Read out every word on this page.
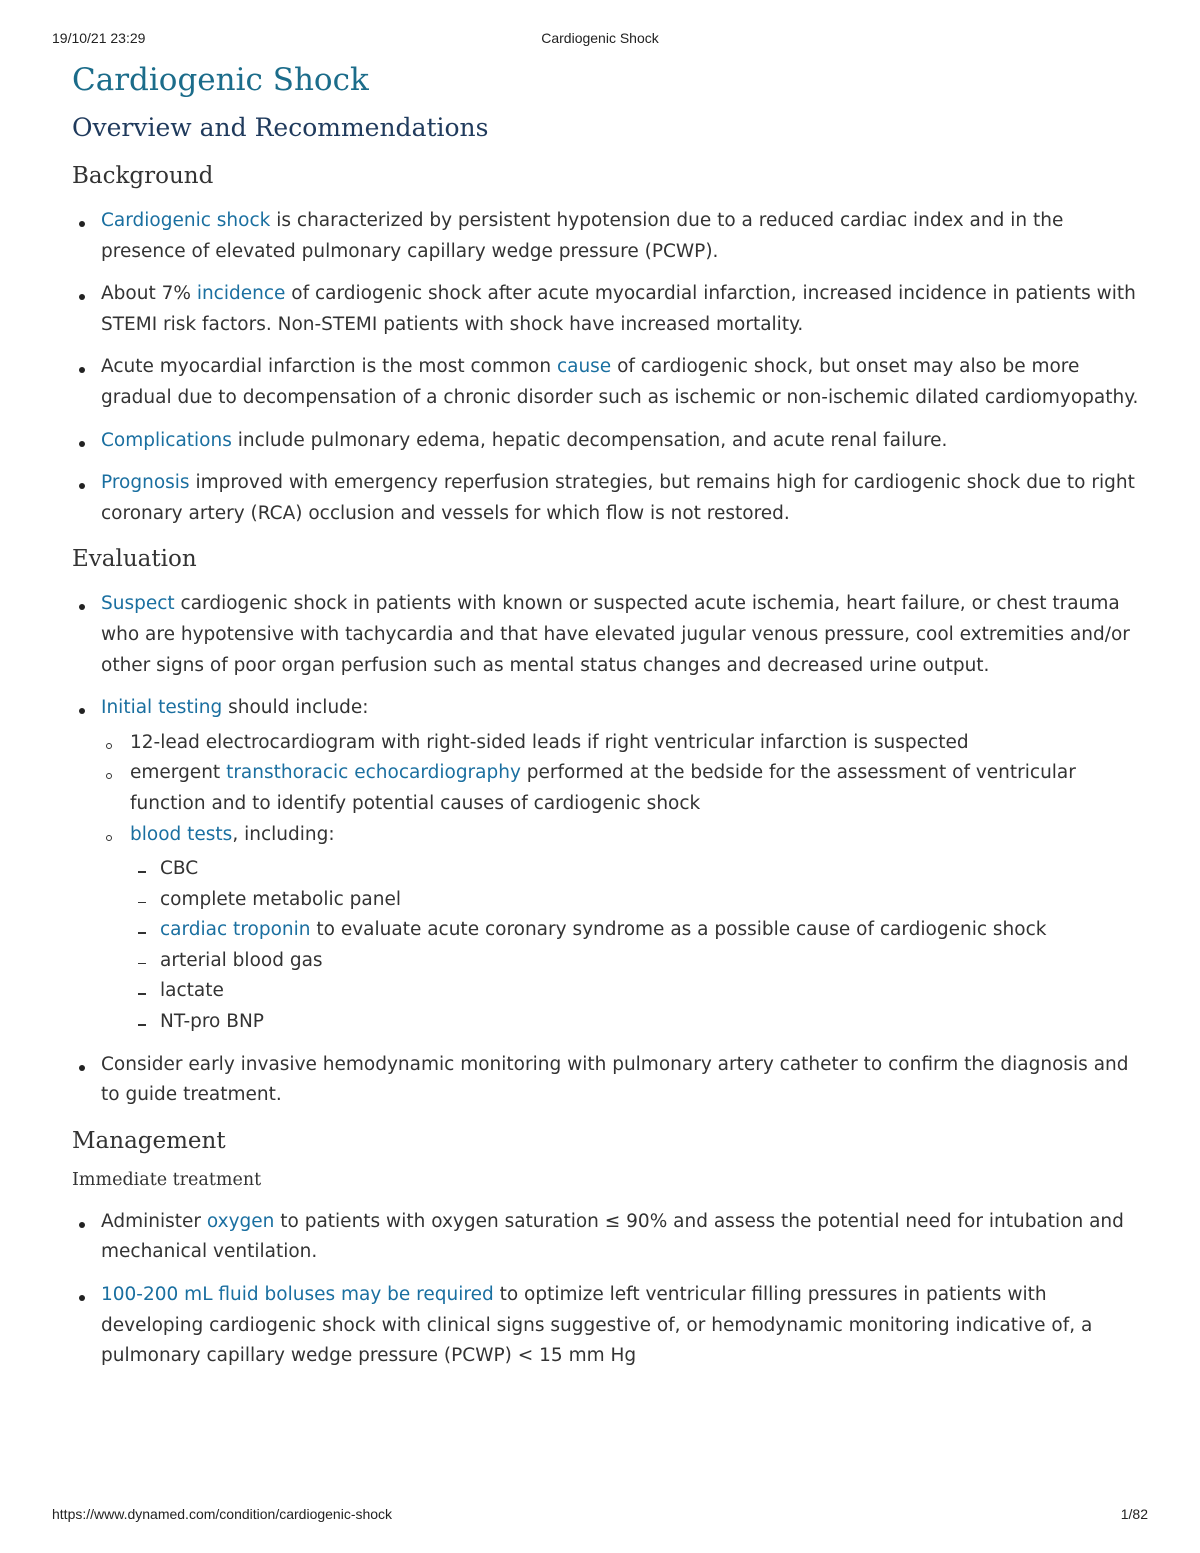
19/10/21 23:29	Cardiogenic Shock
Cardiogenic Shock
Overview and Recommendations
Background
Cardiogenic shock is characterized by persistent hypotension due to a reduced cardiac index and in the presence of elevated pulmonary capillary wedge pressure (PCWP).
About 7% incidence of cardiogenic shock after acute myocardial infarction, increased incidence in patients with STEMI risk factors. Non-STEMI patients with shock have increased mortality.
Acute myocardial infarction is the most common cause of cardiogenic shock, but onset may also be more gradual due to decompensation of a chronic disorder such as ischemic or non-ischemic dilated cardiomyopathy.
Complications include pulmonary edema, hepatic decompensation, and acute renal failure.
Prognosis improved with emergency reperfusion strategies, but remains high for cardiogenic shock due to right coronary artery (RCA) occlusion and vessels for which flow is not restored.
Evaluation
Suspect cardiogenic shock in patients with known or suspected acute ischemia, heart failure, or chest trauma who are hypotensive with tachycardia and that have elevated jugular venous pressure, cool extremities and/or other signs of poor organ perfusion such as mental status changes and decreased urine output.
Initial testing should include:
12-lead electrocardiogram with right-sided leads if right ventricular infarction is suspected
emergent transthoracic echocardiography performed at the bedside for the assessment of ventricular function and to identify potential causes of cardiogenic shock
blood tests, including:
CBC
complete metabolic panel
cardiac troponin to evaluate acute coronary syndrome as a possible cause of cardiogenic shock
arterial blood gas
lactate
NT-pro BNP
Consider early invasive hemodynamic monitoring with pulmonary artery catheter to confirm the diagnosis and to guide treatment.
Management
Immediate treatment
Administer oxygen to patients with oxygen saturation ≤ 90% and assess the potential need for intubation and mechanical ventilation.
100-200 mL fluid boluses may be required to optimize left ventricular filling pressures in patients with developing cardiogenic shock with clinical signs suggestive of, or hemodynamic monitoring indicative of, a pulmonary capillary wedge pressure (PCWP) < 15 mm Hg
https://www.dynamed.com/condition/cardiogenic-shock	1/82
